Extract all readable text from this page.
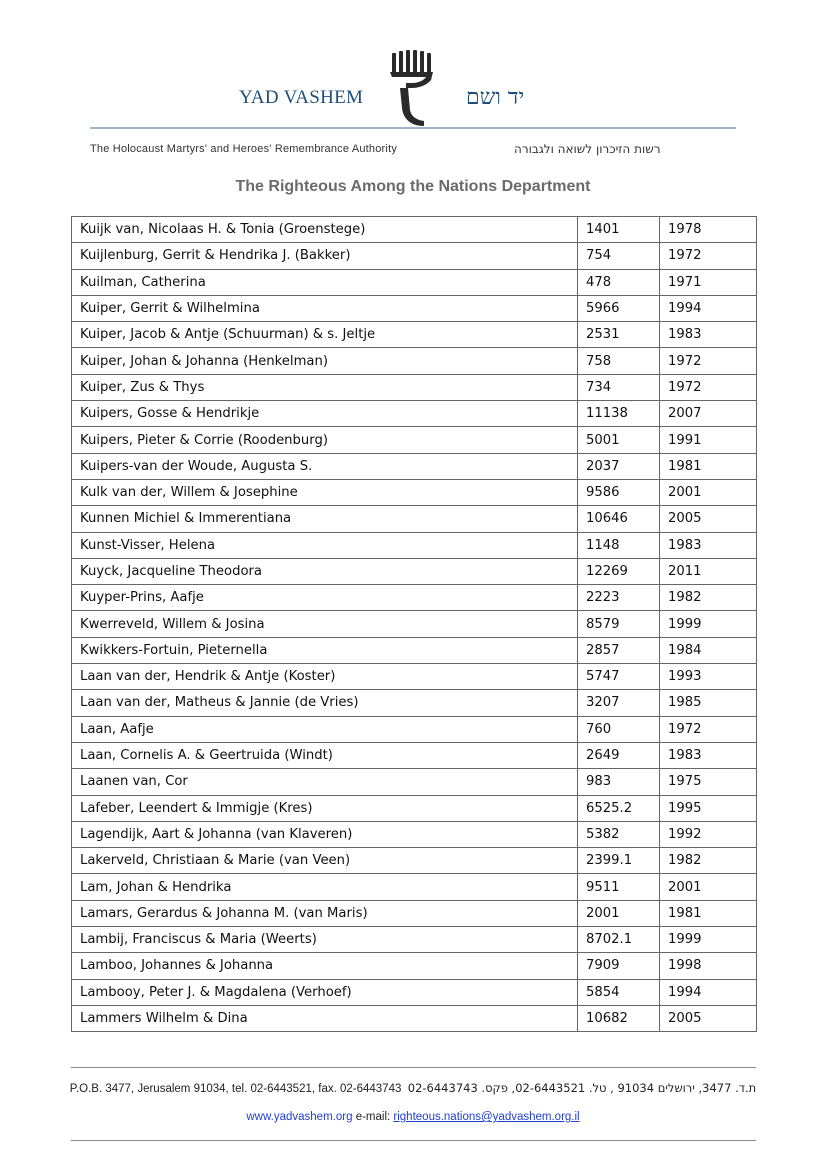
YAD VASHEM	יד ושם
The Holocaust Martyrs' and Heroes' Remembrance Authority	רשות הזיכרון לשואה ולגבורה
The Righteous Among the Nations Department
Kuijk van, Nicolaas H. & Tonia (Groenstege)	1401	1978
Kuijlenburg, Gerrit & Hendrika J. (Bakker)	754	1972
Kuilman, Catherina	478	1971
Kuiper, Gerrit & Wilhelmina	5966	1994
Kuiper, Jacob & Antje (Schuurman) & s. Jeltje	2531	1983
Kuiper, Johan & Johanna (Henkelman)	758	1972
Kuiper, Zus & Thys	734	1972
Kuipers, Gosse & Hendrikje	11138	2007
Kuipers, Pieter & Corrie (Roodenburg)	5001	1991
Kuipers-van der Woude, Augusta S.	2037	1981
Kulk van der, Willem & Josephine	9586	2001
Kunnen Michiel & Immerentiana	10646	2005
Kunst-Visser, Helena	1148	1983
Kuyck, Jacqueline Theodora	12269	2011
Kuyper-Prins, Aafje	2223	1982
Kwerreveld, Willem & Josina	8579	1999
Kwikkers-Fortuin, Pieternella	2857	1984
Laan van der, Hendrik & Antje (Koster)	5747	1993
Laan van der, Matheus & Jannie (de Vries)	3207	1985
Laan, Aafje	760	1972
Laan, Cornelis A. & Geertruida (Windt)	2649	1983
Laanen van, Cor	983	1975
Lafeber, Leendert & Immigje (Kres)	6525.2	1995
Lagendijk, Aart & Johanna (van Klaveren)	5382	1992
Lakerveld, Christiaan & Marie (van Veen)	2399.1	1982
Lam, Johan & Hendrika	9511	2001
Lamars, Gerardus & Johanna M. (van Maris)	2001	1981
Lambij, Franciscus & Maria (Weerts)	8702.1	1999
Lamboo, Johannes & Johanna	7909	1998
Lambooy, Peter J. & Magdalena (Verhoef)	5854	1994
Lammers Wilhelm & Dina	10682	2005
P.O.B. 3477, Jerusalem 91034, tel. 02-6443521, fax. 02-6443743 ת.ד. 3477, ירושלים 91034 , טל. 02-6443521, פקס. 02-6443743
www.yadvashem.org e-mail: righteous.nations@yadvashem.org.il
